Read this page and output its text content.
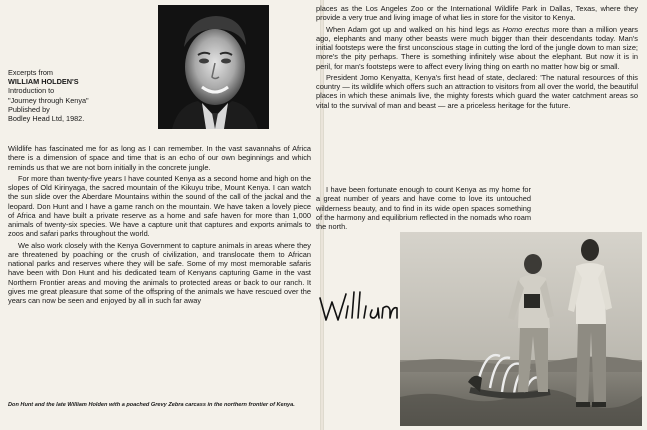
Excerpts from
WILLIAM HOLDEN'S
Introduction to
"Journey through Kenya"
Published by
Bodley Head Ltd, 1982.

Wildlife has fascinated me for as long as I can remember. In the vast savannahs of Africa there is a dimension of space and time that is an echo of our own beginnings and which reminds us that we are not born initially in the concrete jungle.

For more than twenty-five years I have counted Kenya as a second home and high on the slopes of Old Kirinyaga, the sacred mountain of the Kikuyu tribe, Mount Kenya. I can watch the sun slide over the Aberdare Mountains within the sound of the call of the jackal and the leopard. Don Hunt and I have a game ranch on the mountain. We have taken a lovely piece of Africa and have built a private reserve as a home and safe haven for more than 1,000 animals of twenty-six species. We have a capture unit that captures and exports animals to zoos and safari parks throughout the world.

We also work closely with the Kenya Government to capture animals in areas where they are threatened by poaching or the crush of civilization, and translocate them to African national parks and reserves where they will be safe. Some of my most memorable safaris have been with Don Hunt and his dedicated team of Kenyans capturing Game in the vast Northern Frontier areas and moving the animals to protected areas or back to our ranch. It gives me great pleasure that some of the offspring of the animals we have rescued over the years can now be seen and enjoyed by all in such far away

Don Hunt and the late William Holden with a poached Grevy Zebra carcass in the northern frontier of Kenya.

places as the Los Angeles Zoo or the International Wildlife Park in Dallas, Texas, where they provide a very true and living image of what lies in store for the visitor to Kenya.

When Adam got up and walked on his hind legs as Homo erectus more than a million years ago, elephants and many other beasts were much bigger than their descendants today. Man's initial footsteps were the first unconscious stage in cutting the lord of the jungle down to man size; more's the pity perhaps. There is something infinitely wise about the elephant. But now it is in peril, for man's footsteps were to affect every living thing on earth no matter how big or small.

President Jomo Kenyatta, Kenya's first head of state, declared: 'The natural resources of this country — its wildlife which offers such an attraction to visitors from all over the world, the beautiful places in which these animals live, the mighty forests which guard the water catchment areas so vital to the survival of man and beast — are a priceless heritage for the future.

I have been fortunate enough to count Kenya as my home for a great number of years and have come to love its untouched wilderness beauty, and to find in its wide open spaces something of the harmony and equilibrium reflected in the nomads who roam the north.
